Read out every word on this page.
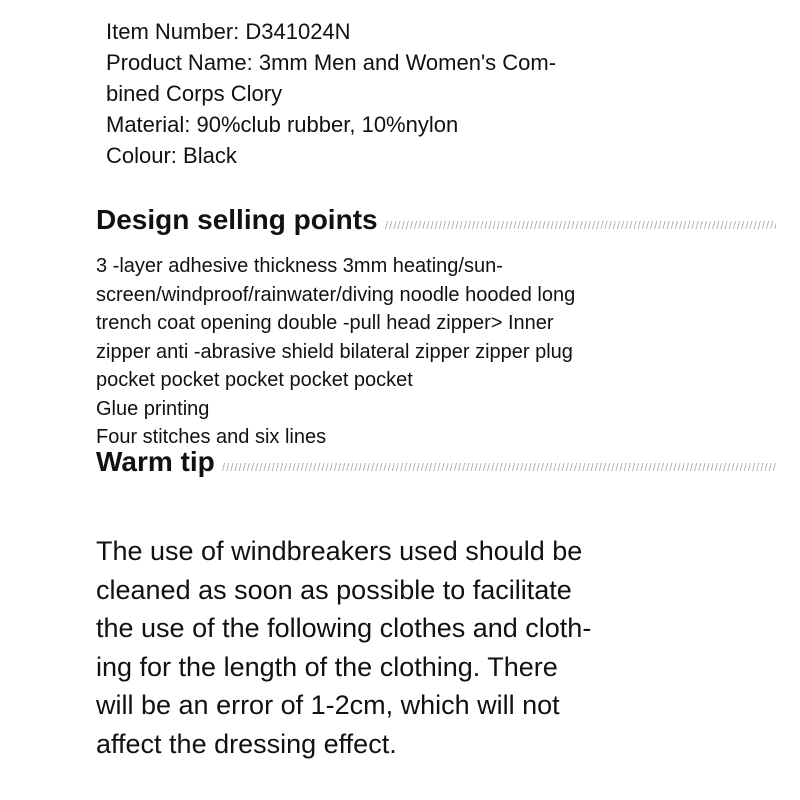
Item Number: D341024N

Product Name: 3mm Men and Women's Com-

bined Corps Clory

Material: 90%club rubber, 10%nylon

Colour: Black

Design selling points

3 -layer adhesive thickness 3mm heating/sun-

screen/windproof/rainwater/diving noodle hooded long

trench coat opening double -pull head zipper> Inner

zipper anti -abrasive shield bilateral zipper zipper plug

pocket pocket pocket pocket pocket

Glue printing

Four stitches and six lines

Warm tip

The use of windbreakers used should be

cleaned as soon as possible to facilitate

the use of the following clothes and cloth-

ing for the length of the clothing. There

will be an error of 1-2cm, which will not

affect the dressing effect.
